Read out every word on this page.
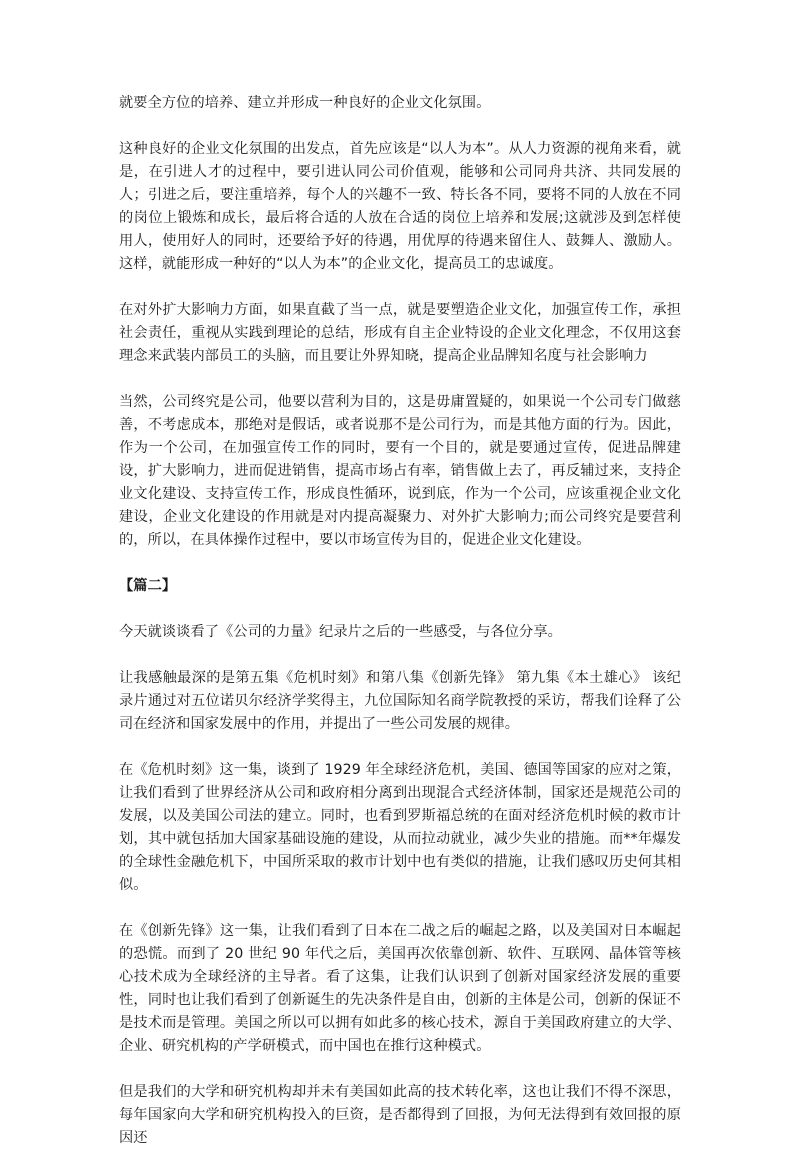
就要全方位的培养、建立并形成一种良好的企业文化氛围。

这种良好的企业文化氛围的出发点，首先应该是“以人为本”。从人力资源的视角来看，就是，在引进人才的过程中，要引进认同公司价值观，能够和公司同舟共济、共同发展的人；引进之后，要注重培养，每个人的兴趣不一致、特长各不同，要将不同的人放在不同的岗位上锻炼和成长，最后将合适的人放在合适的岗位上培养和发展;这就涉及到怎样使用人，使用好人的同时，还要给予好的待遇，用优厚的待遇来留住人、鼓舞人、激励人。这样，就能形成一种好的“以人为本”的企业文化，提高员工的忠诚度。

在对外扩大影响力方面，如果直截了当一点，就是要塑造企业文化，加强宣传工作，承担社会责任，重视从实践到理论的总结，形成有自主企业特设的企业文化理念，不仅用这套理念来武装内部员工的头脑，而且要让外界知晓，提高企业品牌知名度与社会影响力

当然，公司终究是公司，他要以营利为目的，这是毋庸置疑的，如果说一个公司专门做慈善，不考虑成本，那绝对是假话，或者说那不是公司行为，而是其他方面的行为。因此，作为一个公司，在加强宣传工作的同时，要有一个目的，就是要通过宣传，促进品牌建设，扩大影响力，进而促进销售，提高市场占有率，销售做上去了，再反辅过来，支持企业文化建设、支持宣传工作，形成良性循环，说到底，作为一个公司，应该重视企业文化建设，企业文化建设的作用就是对内提高凝聚力、对外扩大影响力;而公司终究是要营利的，所以，在具体操作过程中，要以市场宣传为目的，促进企业文化建设。

【篇二】

今天就谈谈看了《公司的力量》纪录片之后的一些感受，与各位分享。

让我感触最深的是第五集《危机时刻》和第八集《创新先锋》 第九集《本土雄心》 该纪录片通过对五位诺贝尔经济学奖得主，九位国际知名商学院教授的采访，帮我们诠释了公司在经济和国家发展中的作用，并提出了一些公司发展的规律。

在《危机时刻》这一集，谈到了 1929 年全球经济危机，美国、德国等国家的应对之策，让我们看到了世界经济从公司和政府相分离到出现混合式经济体制，国家还是规范公司的发展，以及美国公司法的建立。同时，也看到罗斯福总统的在面对经济危机时候的救市计划，其中就包括加大国家基础设施的建设，从而拉动就业，减少失业的措施。而**年爆发的全球性金融危机下，中国所采取的救市计划中也有类似的措施，让我们感叹历史何其相似。

在《创新先锋》这一集，让我们看到了日本在二战之后的崛起之路，以及美国对日本崛起的恐慌。而到了 20 世纪 90 年代之后，美国再次依靠创新、软件、互联网、晶体管等核心技术成为全球经济的主导者。看了这集，让我们认识到了创新对国家经济发展的重要性，同时也让我们看到了创新诞生的先决条件是自由，创新的主体是公司，创新的保证不是技术而是管理。美国之所以可以拥有如此多的核心技术，源自于美国政府建立的大学、企业、研究机构的产学研模式，而中国也在推行这种模式。

但是我们的大学和研究机构却并未有美国如此高的技术转化率，这也让我们不得不深思，每年国家向大学和研究机构投入的巨资，是否都得到了回报，为何无法得到有效回报的原因还
